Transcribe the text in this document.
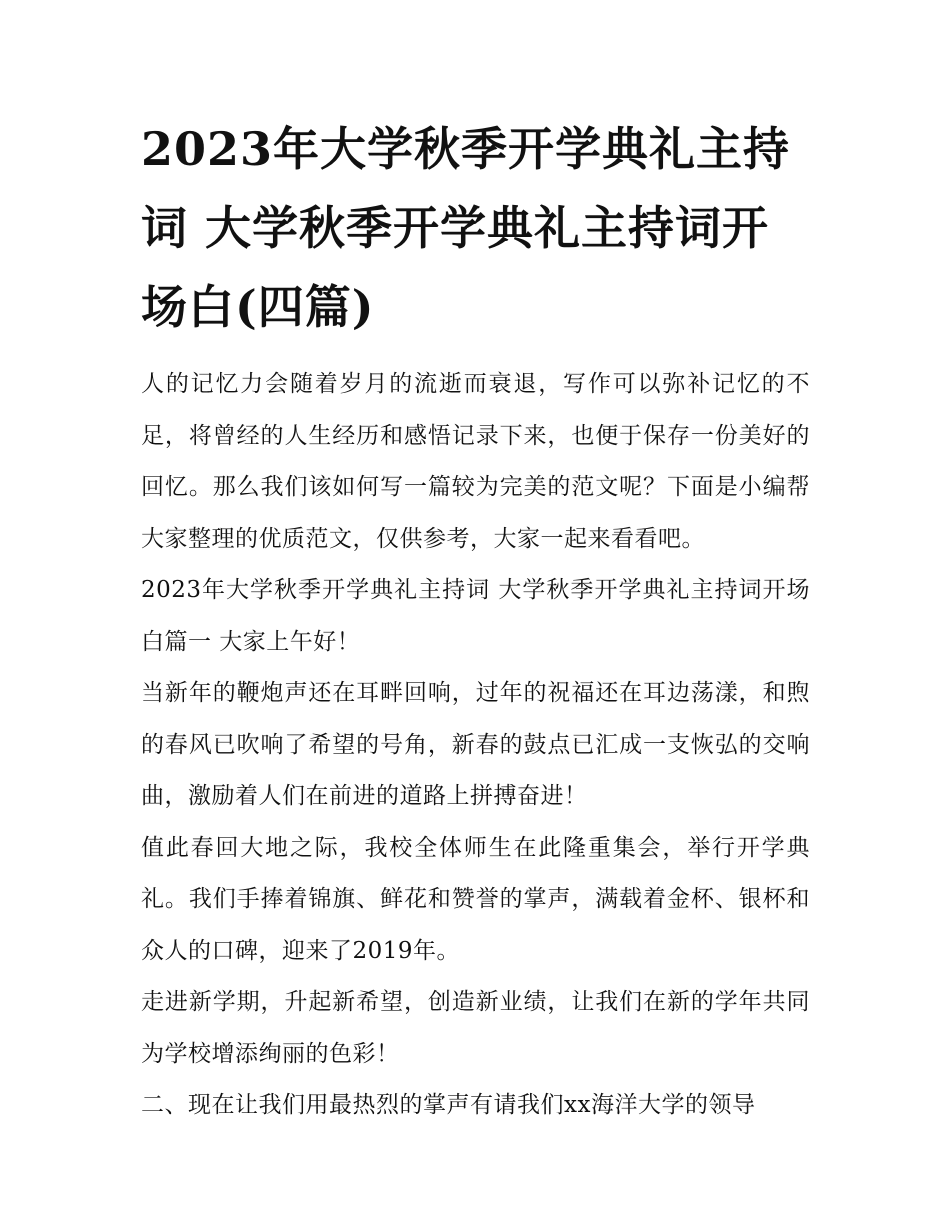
2023年大学秋季开学典礼主持词 大学秋季开学典礼主持词开场白(四篇)

人的记忆力会随着岁月的流逝而衰退，写作可以弥补记忆的不足，将曾经的人生经历和感悟记录下来，也便于保存一份美好的回忆。那么我们该如何写一篇较为完美的范文呢？下面是小编帮大家整理的优质范文，仅供参考，大家一起来看看吧。

2023年大学秋季开学典礼主持词 大学秋季开学典礼主持词开场白篇一 大家上午好！

当新年的鞭炮声还在耳畔回响，过年的祝福还在耳边荡漾，和煦的春风已吹响了希望的号角，新春的鼓点已汇成一支恢弘的交响曲，激励着人们在前进的道路上拼搏奋进！

值此春回大地之际，我校全体师生在此隆重集会，举行开学典礼。我们手捧着锦旗、鲜花和赞誉的掌声，满载着金杯、银杯和众人的口碑，迎来了2019年。

走进新学期，升起新希望，创造新业绩，让我们在新的学年共同为学校增添绚丽的色彩！

二、现在让我们用最热烈的掌声有请我们xx海洋大学的领导
